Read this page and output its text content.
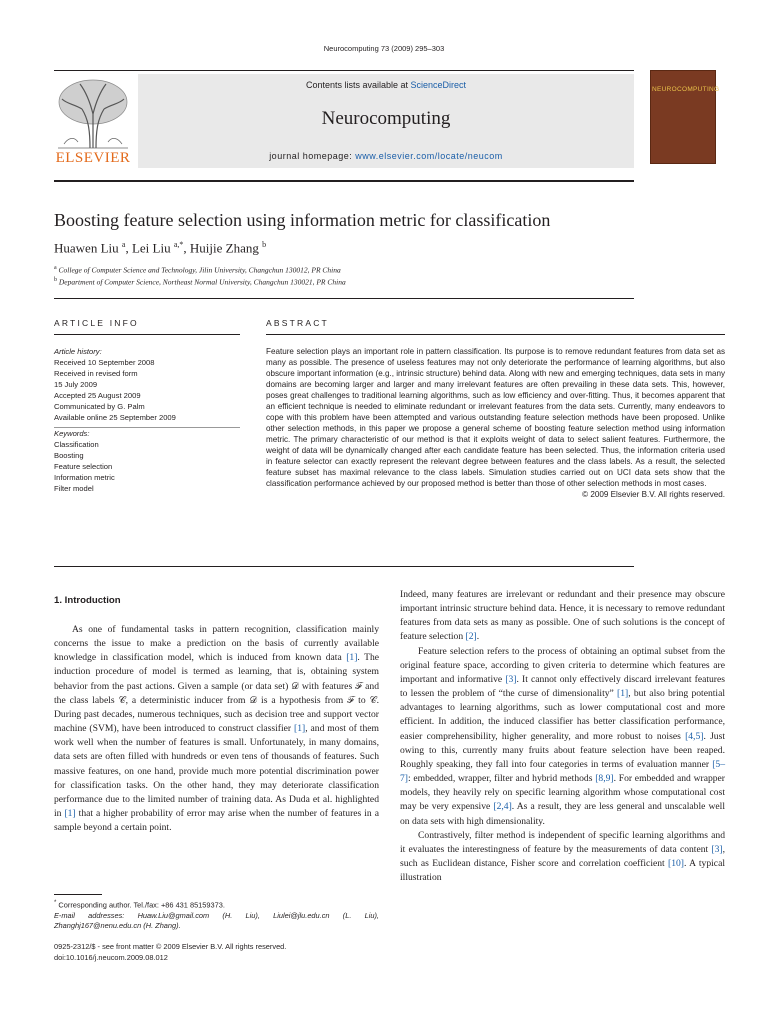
Neurocomputing 73 (2009) 295–303
ELSEVIER
Contents lists available at ScienceDirect
Neurocomputing
journal homepage: www.elsevier.com/locate/neucom
NEUROCOMPUTING
Boosting feature selection using information metric for classification
Huawen Liu $^a$, Lei Liu $^{a,*}$, Huijie Zhang $^b$
$^a$ College of Computer Science and Technology, Jilin University, Changchun 130012, PR China
$^b$ Department of Computer Science, Northeast Normal University, Changchun 130021, PR China
ARTICLE INFO	ABSTRACT
Article history:
Received 10 September 2008
Received in revised form
15 July 2009
Accepted 25 August 2009
Communicated by G. Palm
Available online 25 September 2009
Keywords:
Classification
Boosting
Feature selection
Information metric
Filter model
Feature selection plays an important role in pattern classification. Its purpose is to remove redundant features from data set as many as possible. The presence of useless features may not only deteriorate the performance of learning algorithms, but also obscure important information (e.g., intrinsic structure) behind data. Along with new and emerging techniques, data sets in many domains are becoming larger and larger and many irrelevant features are often prevailing in these data sets. This, however, poses great challenges to traditional learning algorithms, such as low efficiency and over-fitting. Thus, it becomes apparent that an efficient technique is needed to eliminate redundant or irrelevant features from the data sets. Currently, many endeavors to cope with this problem have been attempted and various outstanding feature selection methods have been proposed. Unlike other selection methods, in this paper we propose a general scheme of boosting feature selection method using information metric. The primary characteristic of our method is that it exploits weight of data to select salient features. Furthermore, the weight of data will be dynamically changed after each candidate feature has been selected. Thus, the information criteria used in feature selector can exactly represent the relevant degree between features and the class labels. As a result, the selected feature subset has maximal relevance to the class labels. Simulation studies carried out on UCI data sets show that the classification performance achieved by our proposed method is better than those of other selection methods in most cases.
© 2009 Elsevier B.V. All rights reserved.
1. Introduction

As one of fundamental tasks in pattern recognition, classification mainly concerns the issue to make a prediction on the basis of currently available knowledge in classification model, which is induced from known data [1]. The induction procedure of model is termed as learning, that is, obtaining system behavior from the past actions. Given a sample (or data set) 𝒟 with features ℱ and the class labels 𝒞, a deterministic inducer from 𝒟 is a hypothesis from ℱ to 𝒞. During past decades, numerous techniques, such as decision tree and support vector machine (SVM), have been introduced to construct classifier [1], and most of them work well when the number of features is small. Unfortunately, in many domains, data sets are often filled with hundreds or even tens of thousands of features. Such massive features, on one hand, provide much more potential discrimination power for classification tasks. On the other hand, they may deteriorate classification performance due to the limited number of training data. As Duda et al. highlighted in [1] that a higher probability of error may arise when the number of features in a sample beyond a certain point.

Indeed, many features are irrelevant or redundant and their presence may obscure important intrinsic structure behind data. Hence, it is necessary to remove redundant features from data sets as many as possible. One of such solutions is the concept of feature selection [2].

Feature selection refers to the process of obtaining an optimal subset from the original feature space, according to given criteria to determine which features are important and informative [3]. It cannot only effectively discard irrelevant features to lessen the problem of “the curse of dimensionality” [1], but also bring potential advantages to learning algorithms, such as lower computational cost and more efficient. In addition, the induced classifier has better classification performance, easier comprehensibility, higher generality, and more robust to noises [4,5]. Just owing to this, currently many fruits about feature selection have been reaped. Roughly speaking, they fall into four categories in terms of evaluation manner [5–7]: embedded, wrapper, filter and hybrid methods [8,9]. For embedded and wrapper models, they heavily rely on specific learning algorithm whose computational cost may be very expensive [2,4]. As a result, they are less general and unscalable well on data sets with high dimensionality.

Contrastively, filter method is independent of specific learning algorithms and it evaluates the interestingness of feature by the measurements of data content [3], such as Euclidean distance, Fisher score and correlation coefficient [10]. A typical illustration

* Corresponding author. Tel./fax: +86 431 85159373.
E-mail addresses: Huaw.Liu@gmail.com (H. Liu), Liulei@jlu.edu.cn (L. Liu), Zhanghj167@nenu.edu.cn (H. Zhang).
0925-2312/$ - see front matter © 2009 Elsevier B.V. All rights reserved.
doi:10.1016/j.neucom.2009.08.012
